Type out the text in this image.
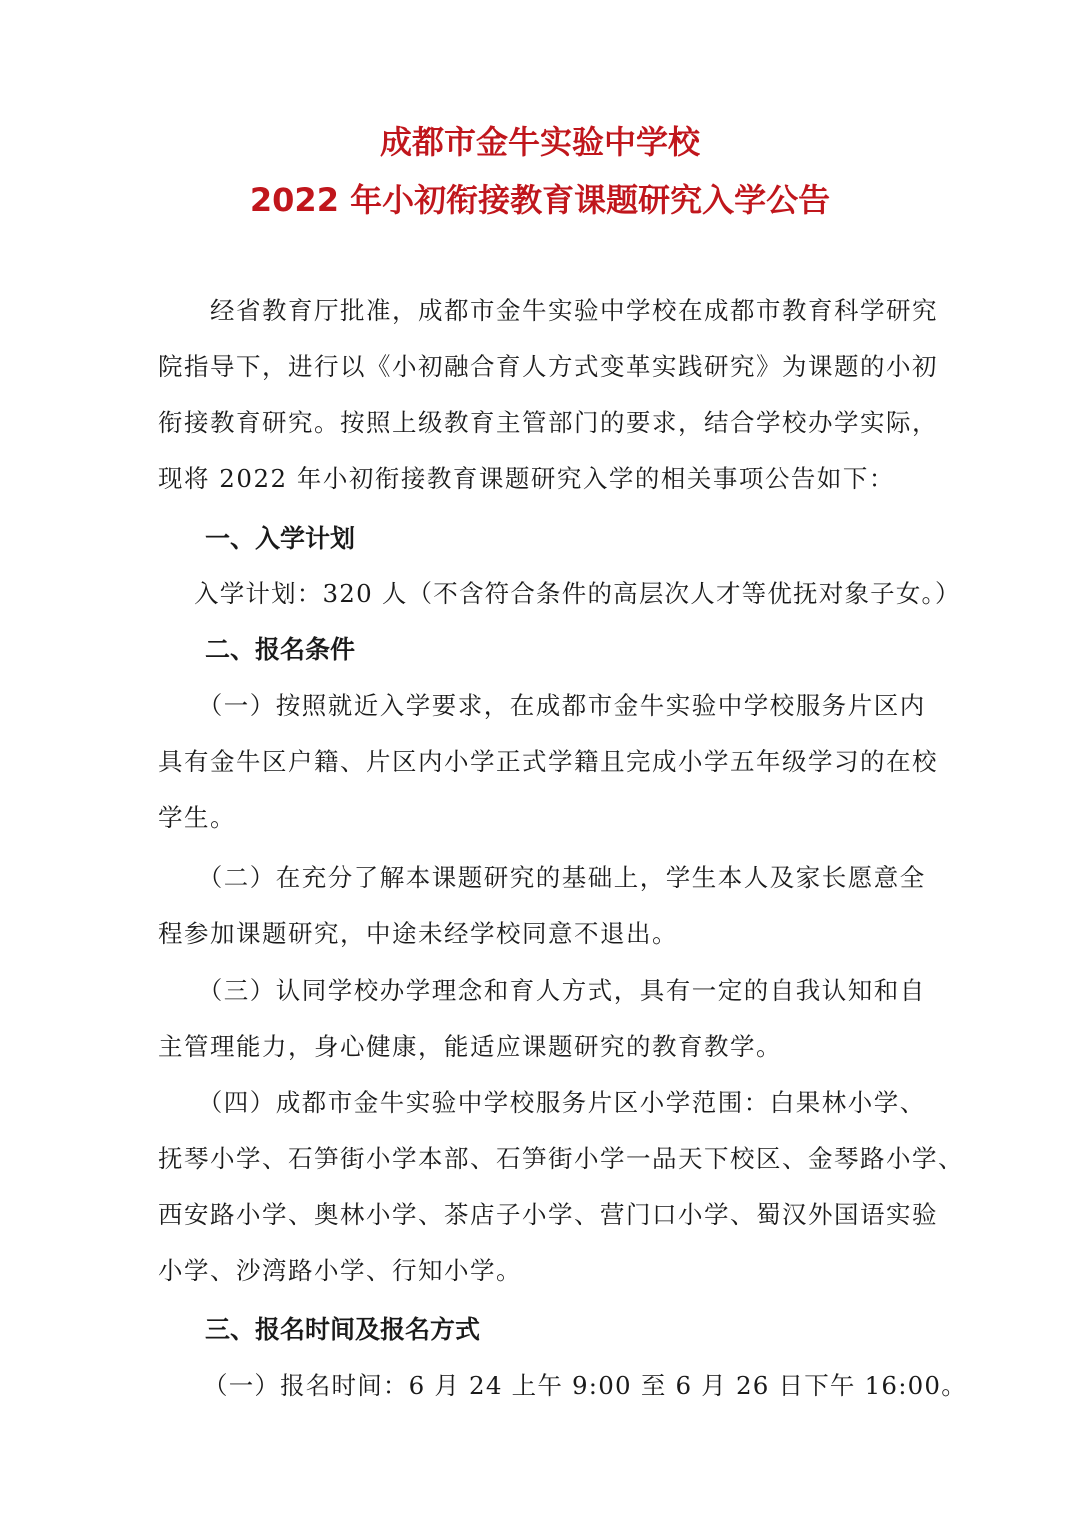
成都市金牛实验中学校
2022 年小初衔接教育课题研究入学公告
　　经省教育厅批准，成都市金牛实验中学校在成都市教育科学研究
院指导下，进行以《小初融合育人方式变革实践研究》为课题的小初
衔接教育研究。按照上级教育主管部门的要求，结合学校办学实际，
现将 2022 年小初衔接教育课题研究入学的相关事项公告如下：
一、入学计划
入学计划：320 人（不含符合条件的高层次人才等优抚对象子女。）
二、报名条件
　　（一）按照就近入学要求，在成都市金牛实验中学校服务片区内
具有金牛区户籍、片区内小学正式学籍且完成小学五年级学习的在校
学生。
　　（二）在充分了解本课题研究的基础上，学生本人及家长愿意全
程参加课题研究，中途未经学校同意不退出。
　　（三）认同学校办学理念和育人方式，具有一定的自我认知和自
主管理能力，身心健康，能适应课题研究的教育教学。
　　（四）成都市金牛实验中学校服务片区小学范围：白果林小学、
抚琴小学、石笋街小学本部、石笋街小学一品天下校区、金琴路小学、
西安路小学、奥林小学、茶店子小学、营门口小学、蜀汉外国语实验
小学、沙湾路小学、行知小学。
三、报名时间及报名方式
（一）报名时间：6 月 24 上午 9:00 至 6 月 26 日下午 16:00。
